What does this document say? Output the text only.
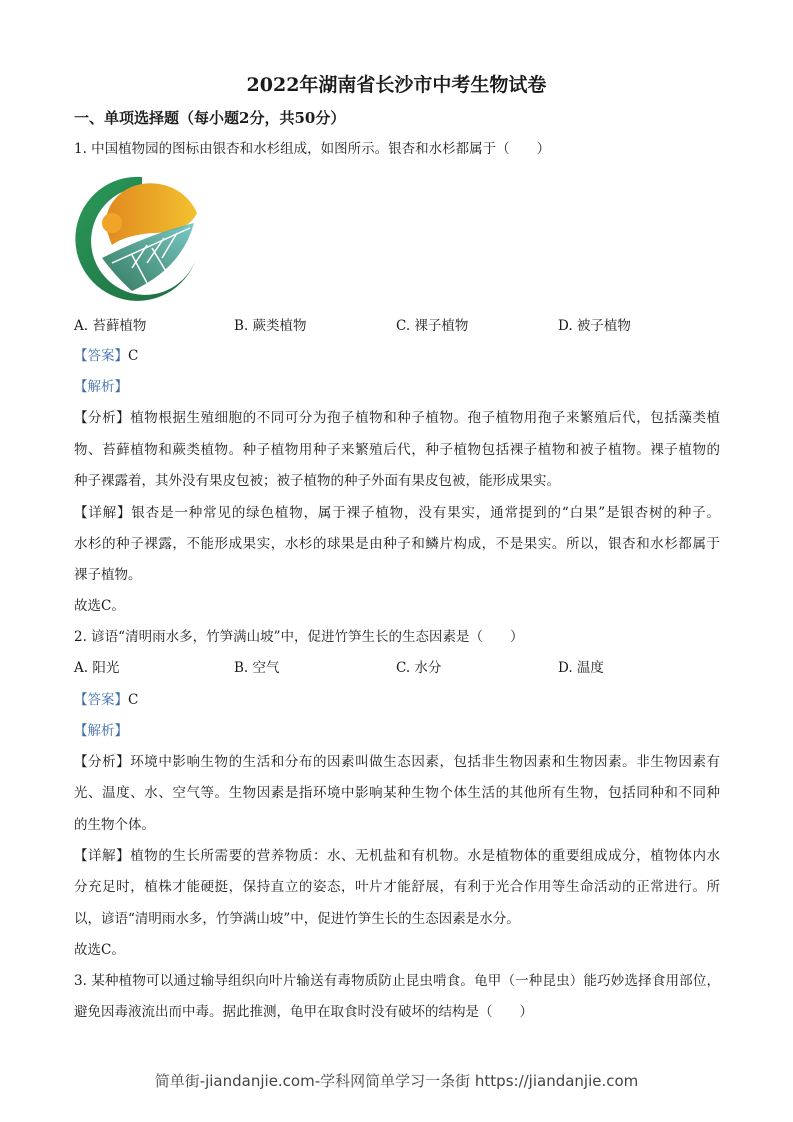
2022年湖南省长沙市中考生物试卷
一、单项选择题（每小题2分，共50分）
1. 中国植物园的图标由银杏和水杉组成，如图所示。银杏和水杉都属于（　　）
A. 苔藓植物	B. 蕨类植物	C. 裸子植物	D. 被子植物
【答案】C
【解析】
【分析】植物根据生殖细胞的不同可分为孢子植物和种子植物。孢子植物用孢子来繁殖后代，包括藻类植
物、苔藓植物和蕨类植物。种子植物用种子来繁殖后代，种子植物包括裸子植物和被子植物。裸子植物的
种子裸露着，其外没有果皮包被；被子植物的种子外面有果皮包被，能形成果实。
【详解】银杏是一种常见的绿色植物，属于裸子植物，没有果实，通常提到的“白果”是银杏树的种子。
水杉的种子裸露，不能形成果实，水杉的球果是由种子和鳞片构成，不是果实。所以，银杏和水杉都属于
裸子植物。
故选C。
2. 谚语“清明雨水多，竹笋满山坡”中，促进竹笋生长的生态因素是（　　）
A. 阳光	B. 空气	C. 水分	D. 温度
【答案】C
【解析】
【分析】环境中影响生物的生活和分布的因素叫做生态因素，包括非生物因素和生物因素。非生物因素有
光、温度、水、空气等。生物因素是指环境中影响某种生物个体生活的其他所有生物，包括同种和不同种
的生物个体。
【详解】植物的生长所需要的营养物质：水、无机盐和有机物。水是植物体的重要组成成分，植物体内水
分充足时，植株才能硬挺，保持直立的姿态，叶片才能舒展，有利于光合作用等生命活动的正常进行。所
以，谚语“清明雨水多，竹笋满山坡”中，促进竹笋生长的生态因素是水分。
故选C。
3. 某种植物可以通过输导组织向叶片输送有毒物质防止昆虫啃食。龟甲（一种昆虫）能巧妙选择食用部位，
避免因毒液流出而中毒。据此推测，龟甲在取食时没有破坏的结构是（　　）
简单街-jiandanjie.com-学科网简单学习一条街 https://jiandanjie.com
